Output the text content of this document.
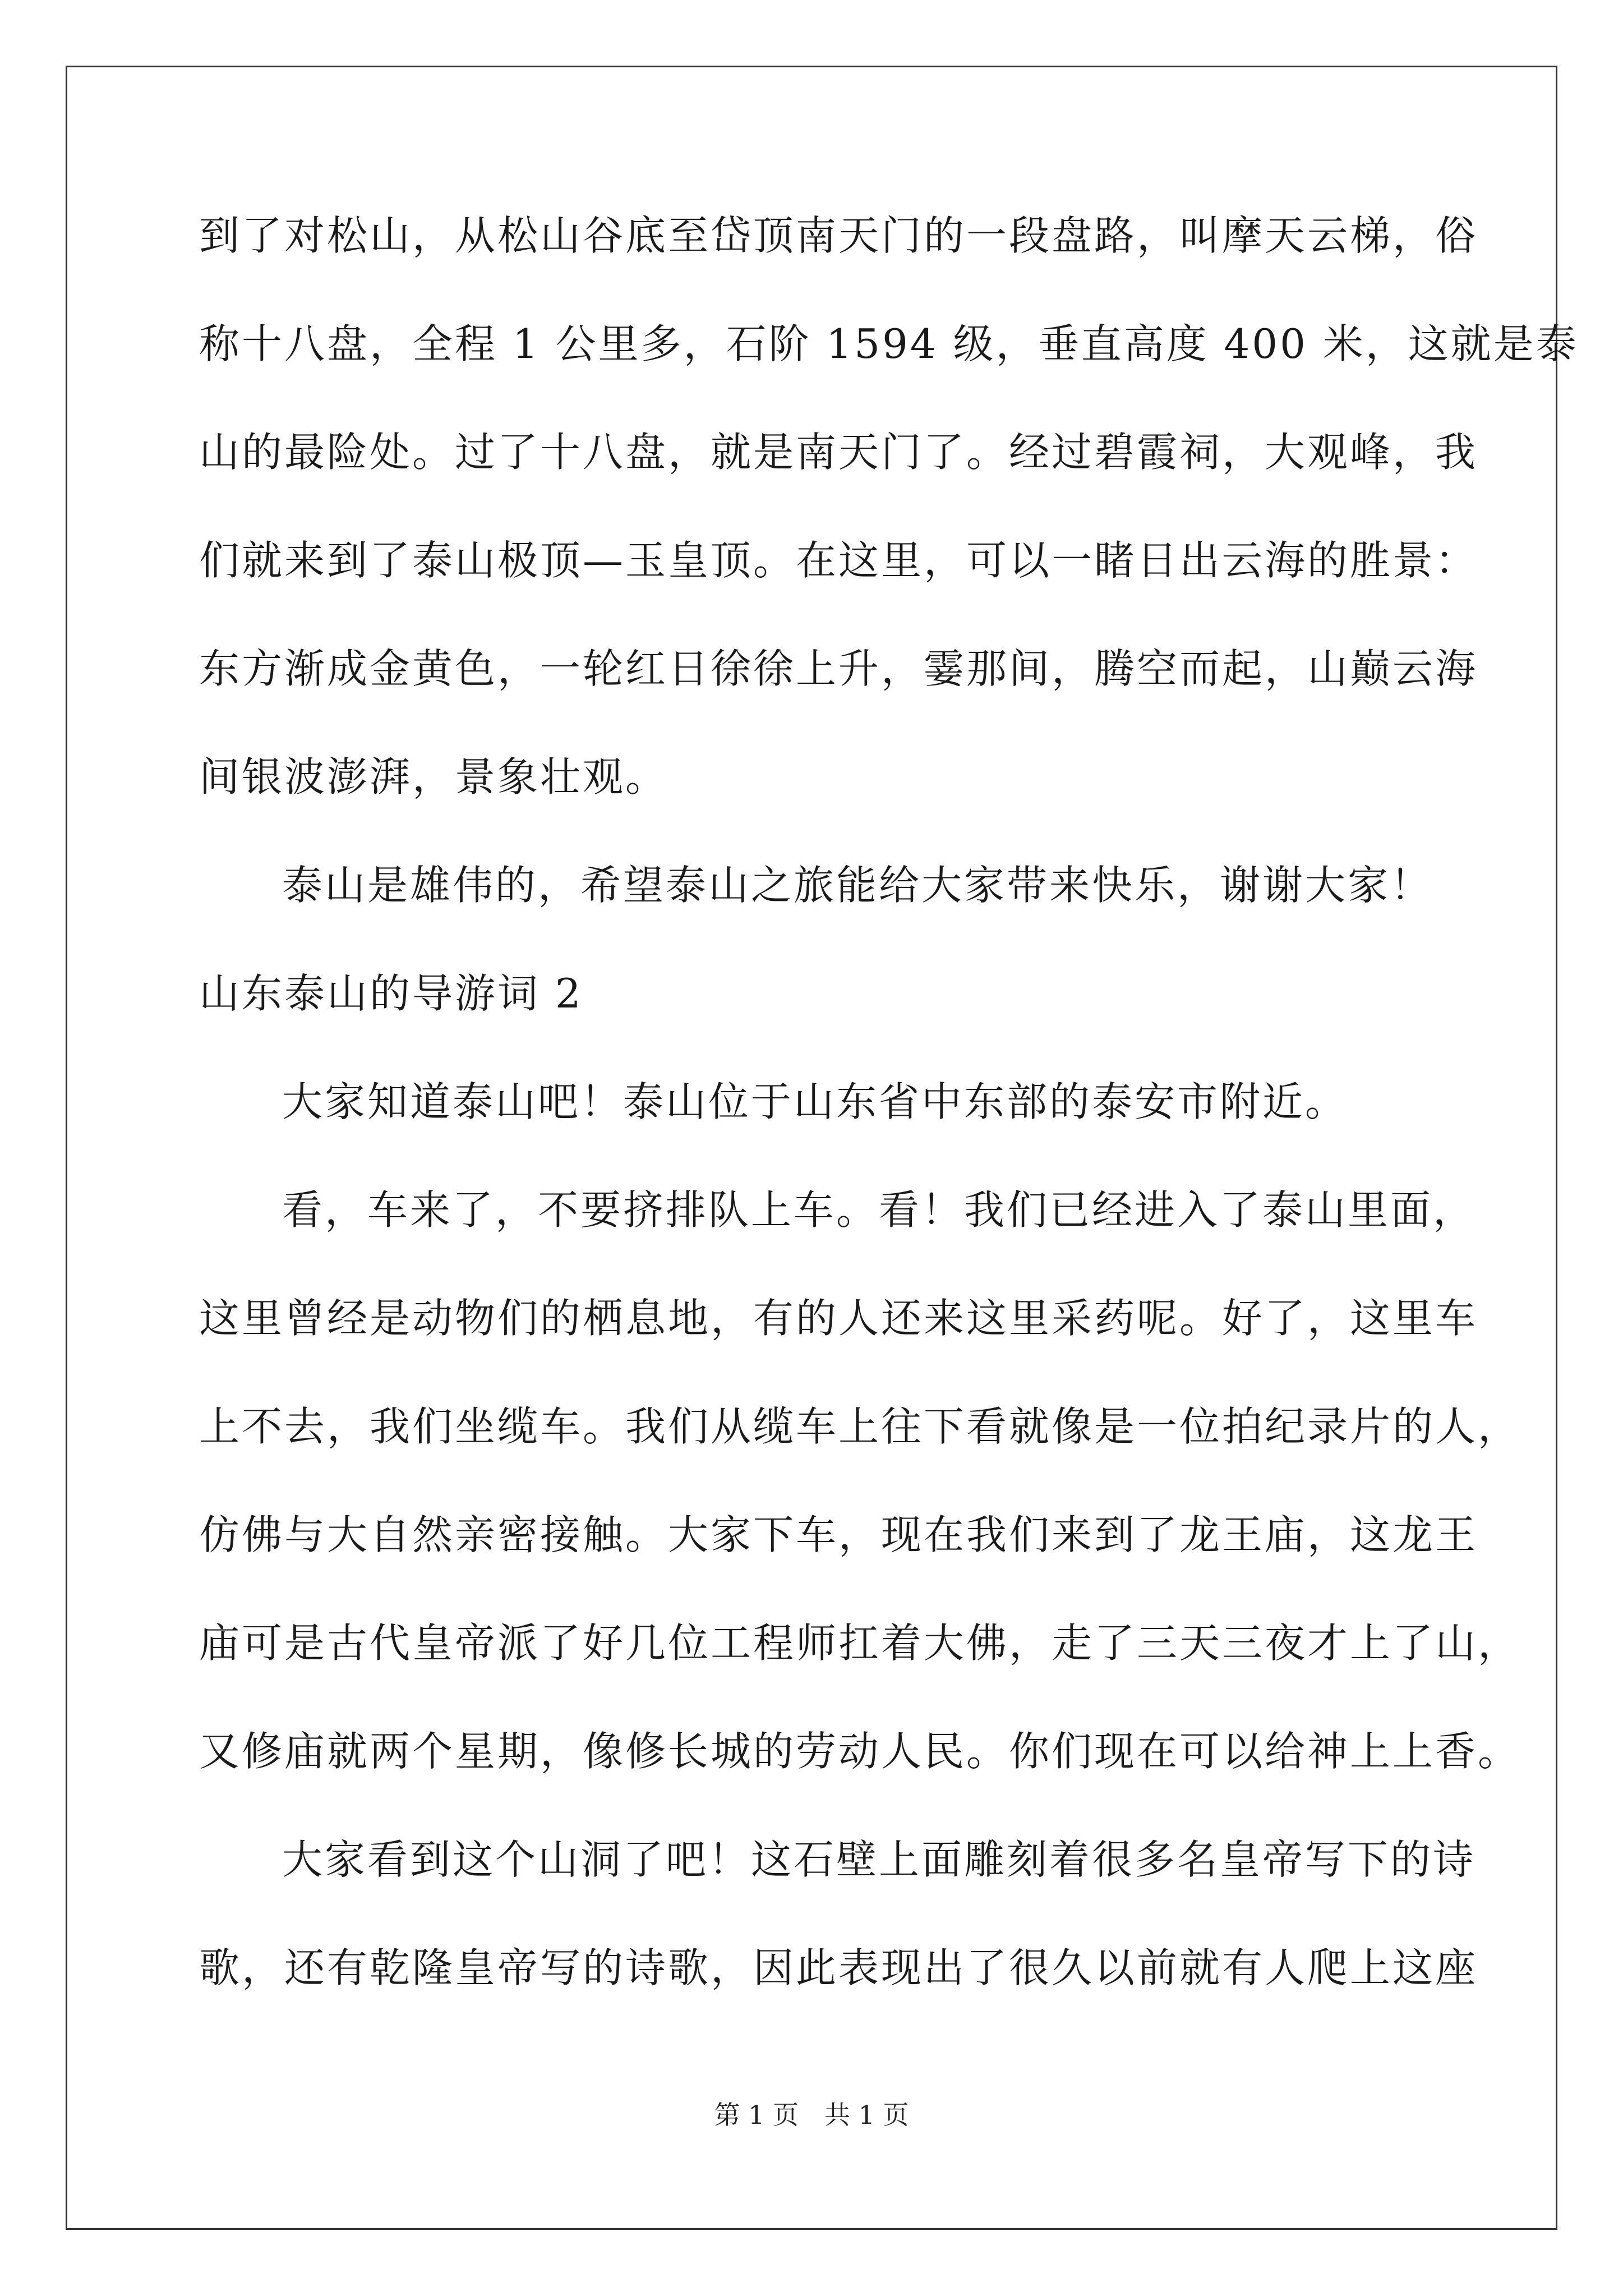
到了对松山，从松山谷底至岱顶南天门的一段盘路，叫摩天云梯，俗
称十八盘，全程 1 公里多，石阶 1594 级，垂直高度 400 米，这就是泰
山的最险处。过了十八盘，就是南天门了。经过碧霞祠，大观峰，我
们就来到了泰山极顶—玉皇顶。在这里，可以一睹日出云海的胜景：
东方渐成金黄色，一轮红日徐徐上升，霎那间，腾空而起，山巅云海
间银波澎湃，景象壮观。
泰山是雄伟的，希望泰山之旅能给大家带来快乐，谢谢大家！
山东泰山的导游词 2
大家知道泰山吧！泰山位于山东省中东部的泰安市附近。
看，车来了，不要挤排队上车。看！我们已经进入了泰山里面，
这里曾经是动物们的栖息地，有的人还来这里采药呢。好了，这里车
上不去，我们坐缆车。我们从缆车上往下看就像是一位拍纪录片的人，
仿佛与大自然亲密接触。大家下车，现在我们来到了龙王庙，这龙王
庙可是古代皇帝派了好几位工程师扛着大佛，走了三天三夜才上了山，
又修庙就两个星期，像修长城的劳动人民。你们现在可以给神上上香。
大家看到这个山洞了吧！这石壁上面雕刻着很多名皇帝写下的诗
歌，还有乾隆皇帝写的诗歌，因此表现出了很久以前就有人爬上这座
第 1 页　共 1 页
